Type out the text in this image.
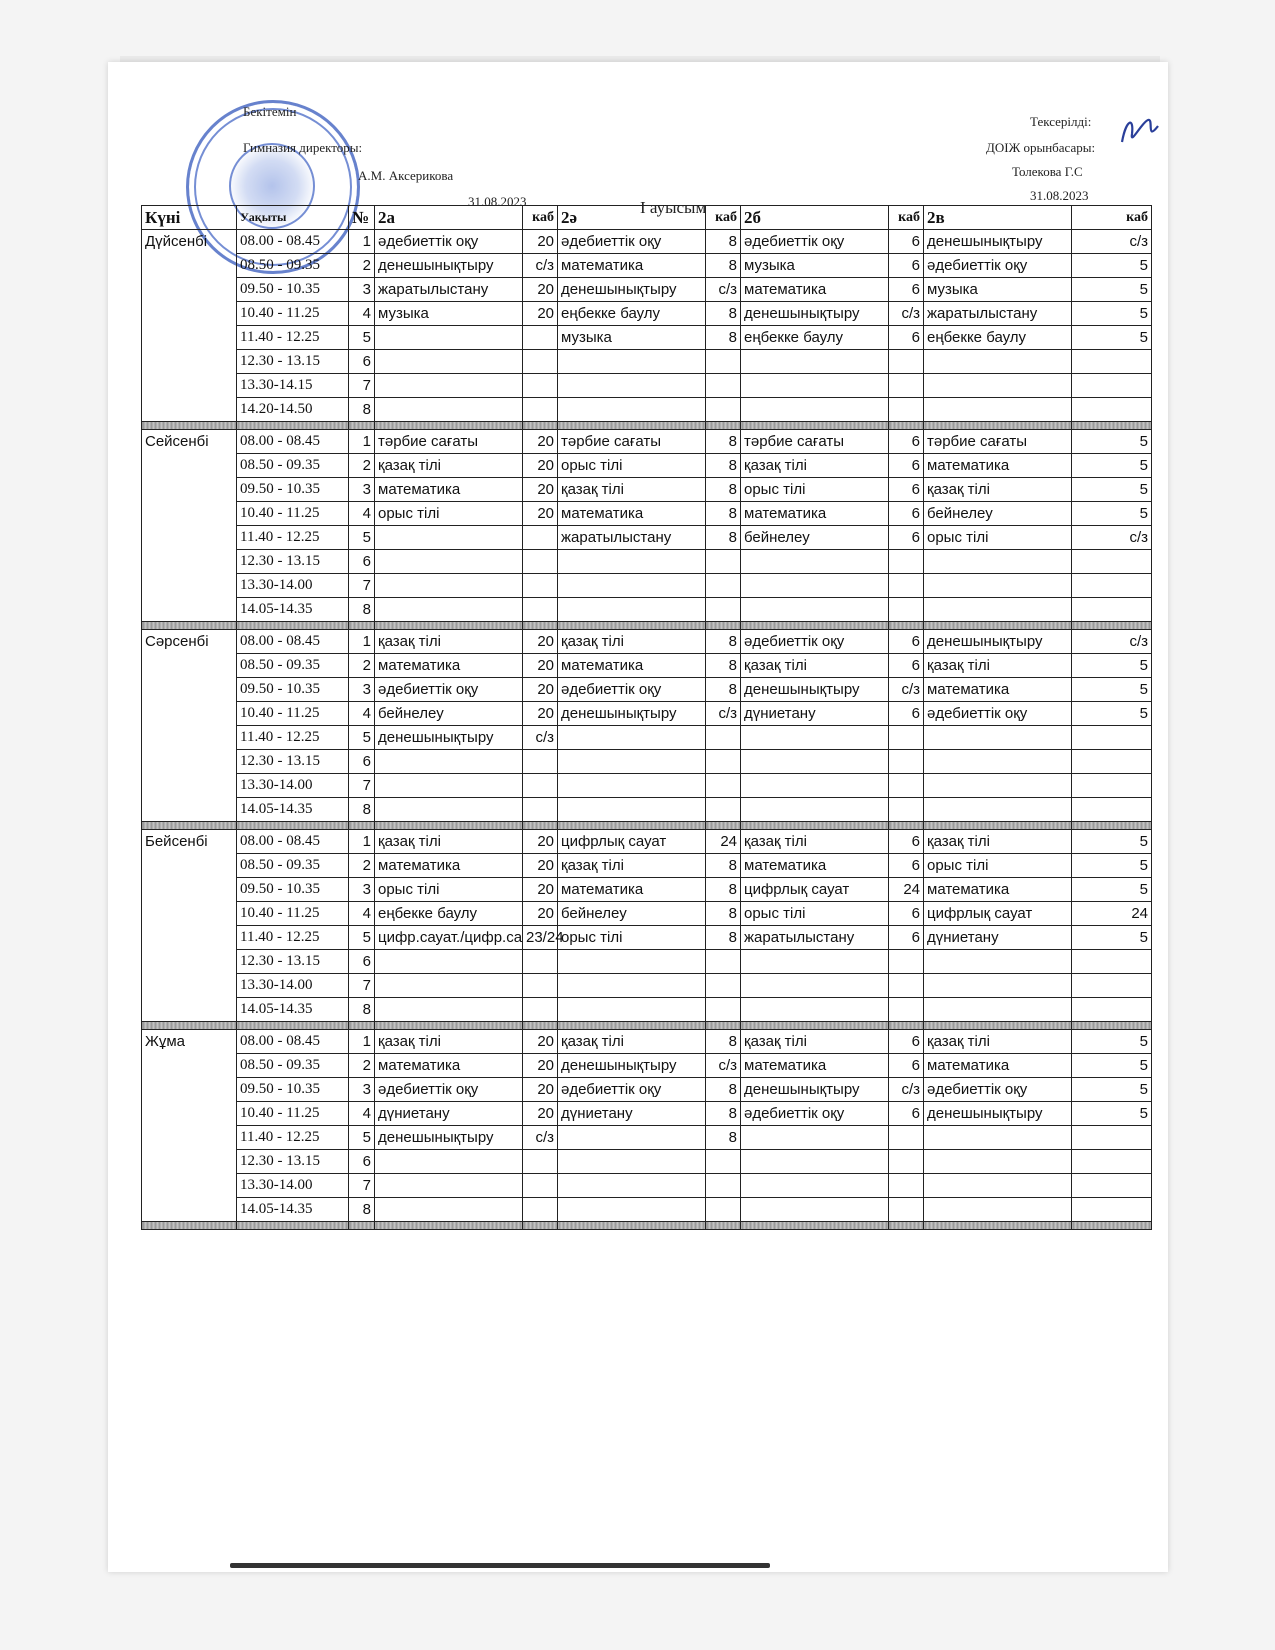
Бекітемін
Гимназия директоры:
А.М. Аксерикова
31.08.2023	І ауысым
Тексерілді:
ДОІЖ орынбасары:
Толекова Г.С
31.08.2023
Күні	Уақыты	№	2а	каб	2ә	каб	2б	каб	2в	каб
Дүйсенбі	08.00 - 08.45	1	әдебиеттік оқу	20	әдебиеттік оқу	8	әдебиеттік оқу	6	денешынықтыру	с/з
	08.50 - 09.35	2	денешынықтыру	с/з	математика	8	музыка	6	әдебиеттік оқу	5
	09.50 - 10.35	3	жаратылыстану	20	денешынықтыру	с/з	математика	6	музыка	5
	10.40 - 11.25	4	музыка	20	еңбекке баулу	8	денешынықтыру	с/з	жаратылыстану	5
	11.40 - 12.25	5			музыка	8	еңбекке баулу	6	еңбекке баулу	5
	12.30 - 13.15	6								
	13.30-14.15	7								
	14.20-14.50	8								

Сейсенбі	08.00 - 08.45	1	тәрбие сағаты	20	тәрбие сағаты	8	тәрбие сағаты	6	тәрбие сағаты	5
	08.50 - 09.35	2	қазақ тілі	20	орыс тілі	8	қазақ тілі	6	математика	5
	09.50 - 10.35	3	математика	20	қазақ тілі	8	орыс тілі	6	қазақ тілі	5
	10.40 - 11.25	4	орыс тілі	20	математика	8	математика	6	бейнелеу	5
	11.40 - 12.25	5			жаратылыстану	8	бейнелеу	6	орыс тілі	с/з
	12.30 - 13.15	6								
	13.30-14.00	7								
	14.05-14.35	8								

Сәрсенбі	08.00 - 08.45	1	қазақ тілі	20	қазақ тілі	8	әдебиеттік оқу	6	денешынықтыру	с/з
	08.50 - 09.35	2	математика	20	математика	8	қазақ тілі	6	қазақ тілі	5
	09.50 - 10.35	3	әдебиеттік оқу	20	әдебиеттік оқу	8	денешынықтыру	с/з	математика	5
	10.40 - 11.25	4	бейнелеу	20	денешынықтыру	с/з	дүниетану	6	әдебиеттік оқу	5
	11.40 - 12.25	5	денешынықтыру	с/з						
	12.30 - 13.15	6								
	13.30-14.00	7								
	14.05-14.35	8								

Бейсенбі	08.00 - 08.45	1	қазақ тілі	20	цифрлық сауат	24	қазақ тілі	6	қазақ тілі	5
	08.50 - 09.35	2	математика	20	қазақ тілі	8	математика	6	орыс тілі	5
	09.50 - 10.35	3	орыс тілі	20	математика	8	цифрлық сауат	24	математика	5
	10.40 - 11.25	4	еңбекке баулу	20	бейнелеу	8	орыс тілі	6	цифрлық сауат	24
	11.40 - 12.25	5	цифр.сауат./цифр.са	23/24	орыс тілі	8	жаратылыстану	6	дүниетану	5
	12.30 - 13.15	6								
	13.30-14.00	7								
	14.05-14.35	8								

Жұма	08.00 - 08.45	1	қазақ тілі	20	қазақ тілі	8	қазақ тілі	6	қазақ тілі	5
	08.50 - 09.35	2	математика	20	денешынықтыру	с/з	математика	6	математика	5
	09.50 - 10.35	3	әдебиеттік оқу	20	әдебиеттік оқу	8	денешынықтыру	с/з	әдебиеттік оқу	5
	10.40 - 11.25	4	дүниетану	20	дүниетану	8	әдебиеттік оқу	6	денешынықтыру	5
	11.40 - 12.25	5	денешынықтыру	с/з		8				
	12.30 - 13.15	6								
	13.30-14.00	7								
	14.05-14.35	8								
